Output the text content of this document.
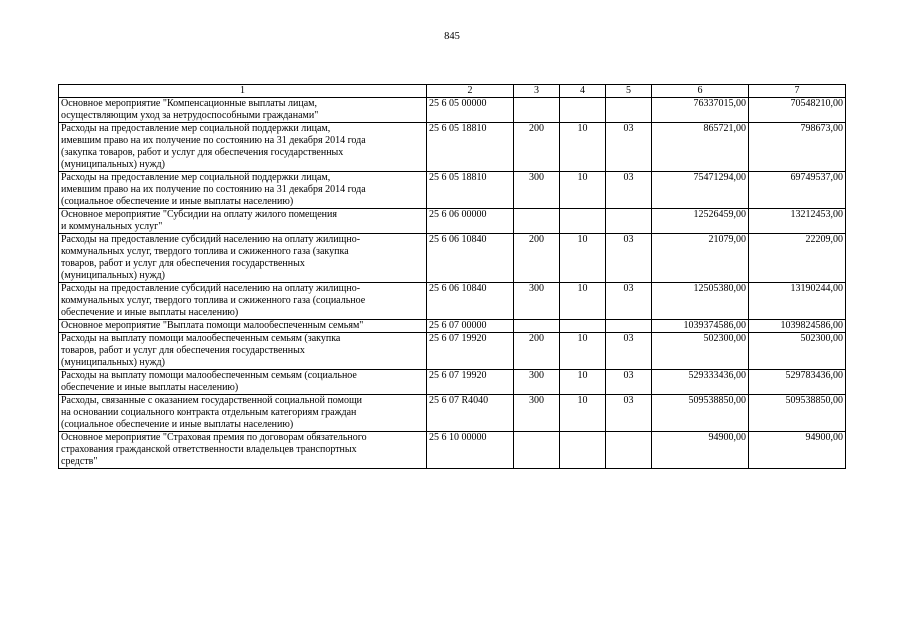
845
1	2	3	4	5	6	7
Основное мероприятие "Компенсационные выплаты лицам,
осуществляющим уход за нетрудоспособными гражданами"	25 6 05 00000				76337015,00	70548210,00
Расходы на предоставление мер социальной поддержки лицам,
имевшим право на их получение по состоянию на 31 декабря 2014 года
(закупка товаров, работ и услуг для обеспечения государственных
(муниципальных) нужд)	25 6 05 18810	200	10	03	865721,00	798673,00
Расходы на предоставление мер социальной поддержки лицам,
имевшим право на их получение по состоянию на 31 декабря 2014 года
(социальное обеспечение и иные выплаты населению)	25 6 05 18810	300	10	03	75471294,00	69749537,00
Основное мероприятие "Субсидии на оплату жилого помещения
и коммунальных услуг"	25 6 06 00000				12526459,00	13212453,00
Расходы на предоставление субсидий населению на оплату жилищно-
коммунальных услуг, твердого топлива и сжиженного газа (закупка
товаров, работ и услуг для обеспечения государственных
(муниципальных) нужд)	25 6 06 10840	200	10	03	21079,00	22209,00
Расходы на предоставление субсидий населению на оплату жилищно-
коммунальных услуг, твердого топлива и сжиженного газа (социальное
обеспечение и иные выплаты населению)	25 6 06 10840	300	10	03	12505380,00	13190244,00
Основное мероприятие "Выплата помощи малообеспеченным семьям"	25 6 07 00000				1039374586,00	1039824586,00
Расходы на выплату помощи малообеспеченным семьям (закупка
товаров, работ и услуг для обеспечения государственных
(муниципальных) нужд)	25 6 07 19920	200	10	03	502300,00	502300,00
Расходы на выплату помощи малообеспеченным семьям (социальное
обеспечение и иные выплаты населению)	25 6 07 19920	300	10	03	529333436,00	529783436,00
Расходы, связанные с оказанием государственной социальной помощи
на основании социального контракта отдельным категориям граждан
(социальное обеспечение и иные выплаты населению)	25 6 07 R4040	300	10	03	509538850,00	509538850,00
Основное мероприятие "Страховая премия по договорам обязательного
страхования гражданской ответственности владельцев транспортных
средств"	25 6 10 00000				94900,00	94900,00
